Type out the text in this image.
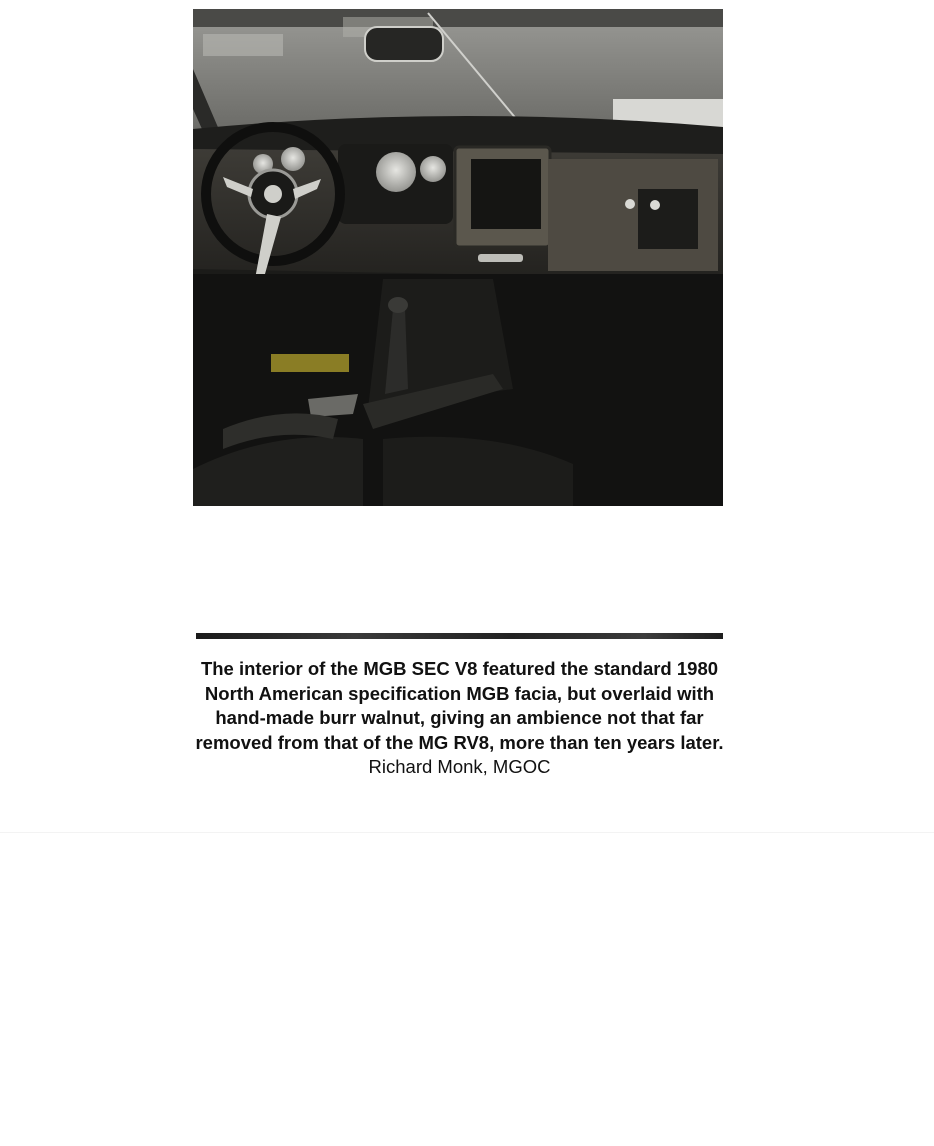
The interior of the MGB SEC V8 featured the standard 1980 North American specification MGB facia, but overlaid with hand-made burr walnut, giving an ambience not that far removed from that of the MG RV8, more than ten years later. Richard Monk, MGOC
